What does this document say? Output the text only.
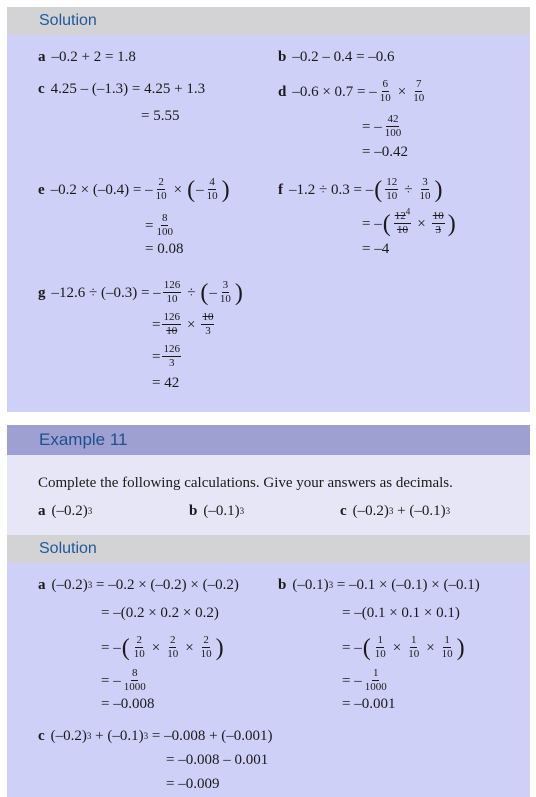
Solution
a –0.2 + 2 = 1.8	b –0.2 – 0.4 = –0.6
c 4.25 – (–1.3) = 4.25 + 1.3
= 5.55
d –0.6 × 0.7 = – $\frac{6}{10} \times \frac{7}{10}$
= – $\frac{42}{100}$
= –0.42
e –0.2 × (–0.4) = – $\frac{2}{10}$ × ( – $\frac{4}{10}$ )
= $\frac{8}{100}$
= 0.08
f –1.2 ÷ 0.3 = – ( $\frac{12}{10} \div \frac{3}{10}$ )
= – ( $\frac{12^4}{10} \times \frac{10}{3}$ )
= –4
g –12.6 ÷ (–0.3) = – $\frac{126}{10}$ ÷ ( – $\frac{3}{10}$ )
= $\frac{126}{10} \times \frac{10}{3}$
= $\frac{126}{3}$
= 42
Example 11
Complete the following calculations. Give your answers as decimals.
a (–0.2) 3	b (–0.1) 3	c (–0.2) 3 + (–0.1) 3
Solution
a (–0.2) 3 = –0.2 × (–0.2) × (–0.2)
= –(0.2 × 0.2 × 0.2)
= – ( $\frac{2}{10} \times \frac{2}{10} \times \frac{2}{10}$ )
= – $\frac{8}{1000}$
= –0.008
b (–0.1) 3 = –0.1 × (–0.1) × (–0.1)
= –(0.1 × 0.1 × 0.1)
= – ( $\frac{1}{10} \times \frac{1}{10} \times \frac{1}{10}$ )
= – $\frac{1}{1000}$
= –0.001
c (–0.2) 3 + (–0.1) 3 = –0.008 + (–0.001)
= –0.008 – 0.001
= –0.009
